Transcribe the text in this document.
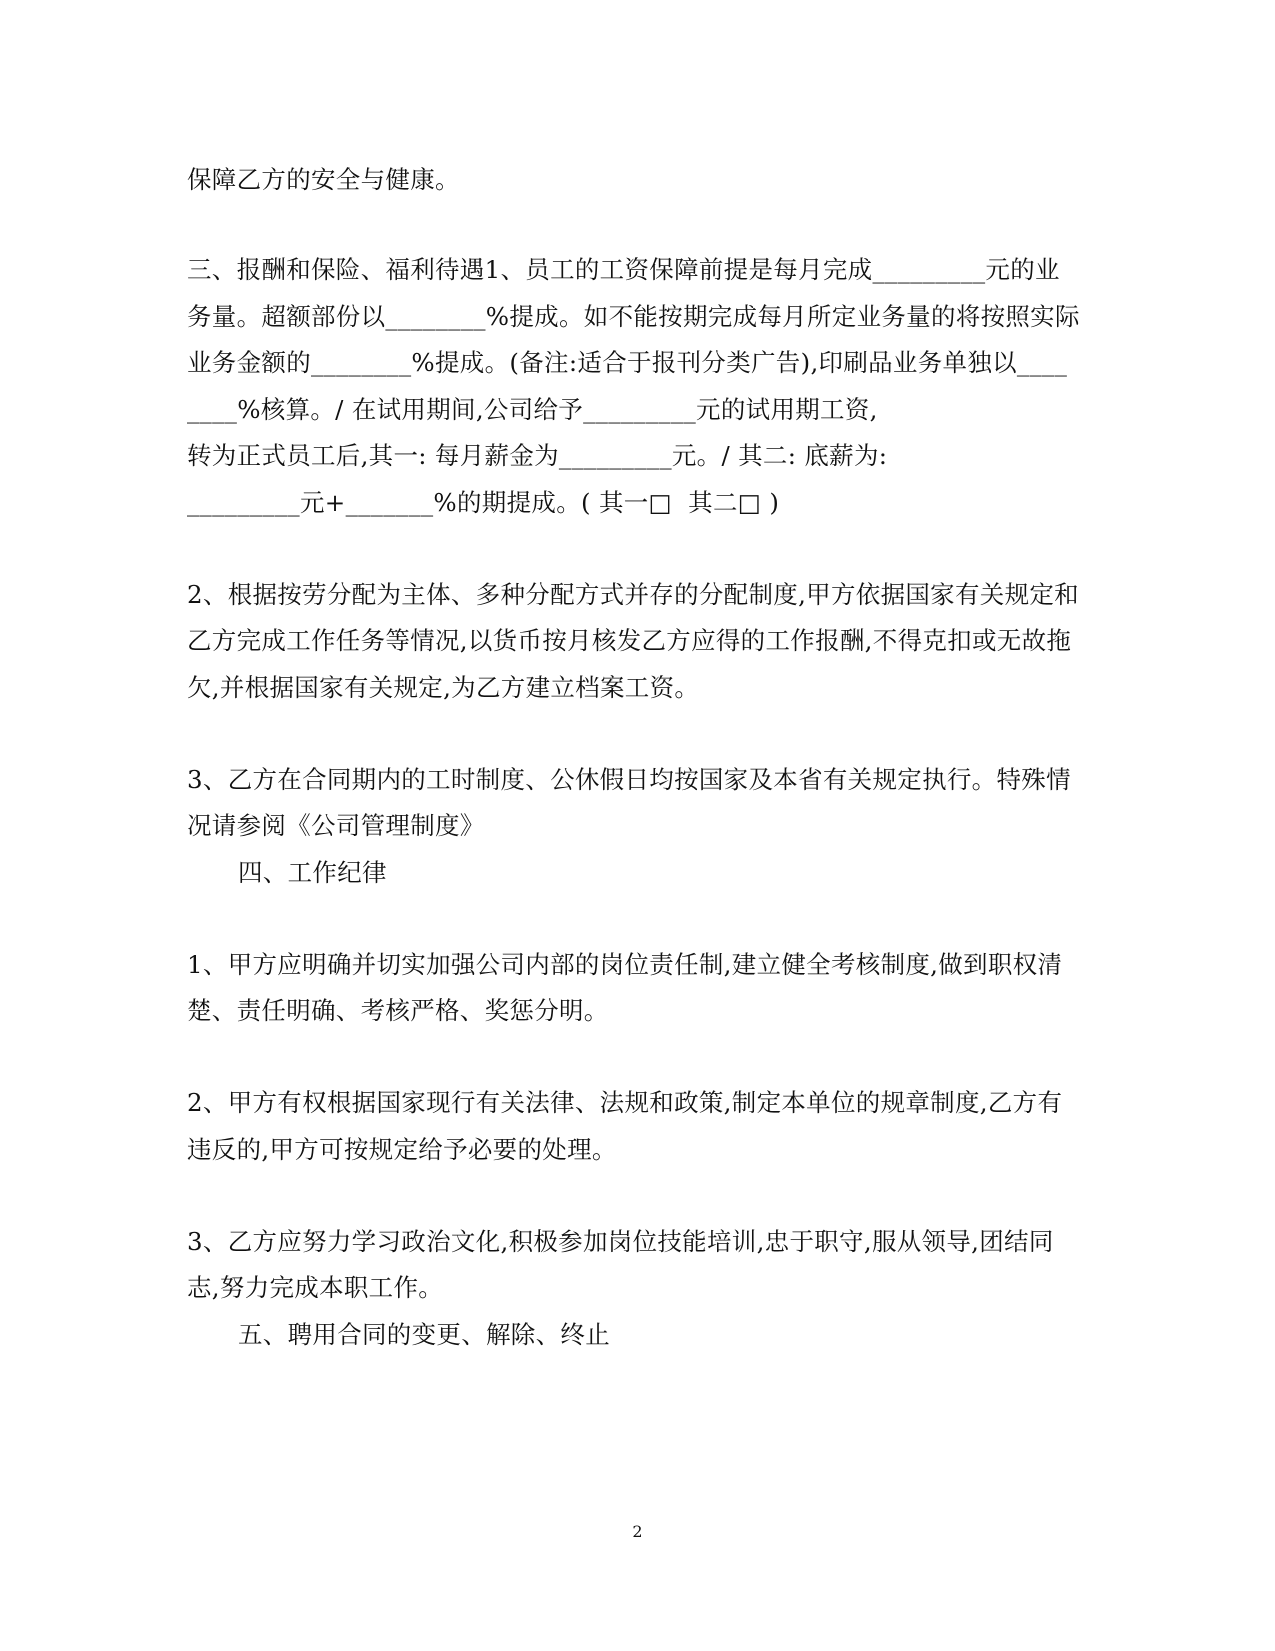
保障乙方的安全与健康。
三、报酬和保险、福利待遇1、员工的工资保障前提是每月完成_________元的业
务量。超额部份以________%提成。如不能按期完成每月所定业务量的将按照实际
业务金额的________%提成。(备注:适合于报刊分类广告),印刷品业务单独以____
____%核算。/ 在试用期间,公司给予_________元的试用期工资,
转为正式员工后,其一: 每月薪金为_________元。/ 其二: 底薪为:
_________元+_______%的期提成。( 其一□  其二□ )
2、根据按劳分配为主体、多种分配方式并存的分配制度,甲方依据国家有关规定和
乙方完成工作任务等情况,以货币按月核发乙方应得的工作报酬,不得克扣或无故拖
欠,并根据国家有关规定,为乙方建立档案工资。
3、乙方在合同期内的工时制度、公休假日均按国家及本省有关规定执行。特殊情
况请参阅《公司管理制度》
四、工作纪律
1、甲方应明确并切实加强公司内部的岗位责任制,建立健全考核制度,做到职权清
楚、责任明确、考核严格、奖惩分明。
2、甲方有权根据国家现行有关法律、法规和政策,制定本单位的规章制度,乙方有
违反的,甲方可按规定给予必要的处理。
3、乙方应努力学习政治文化,积极参加岗位技能培训,忠于职守,服从领导,团结同
志,努力完成本职工作。
五、聘用合同的变更、解除、终止
2
